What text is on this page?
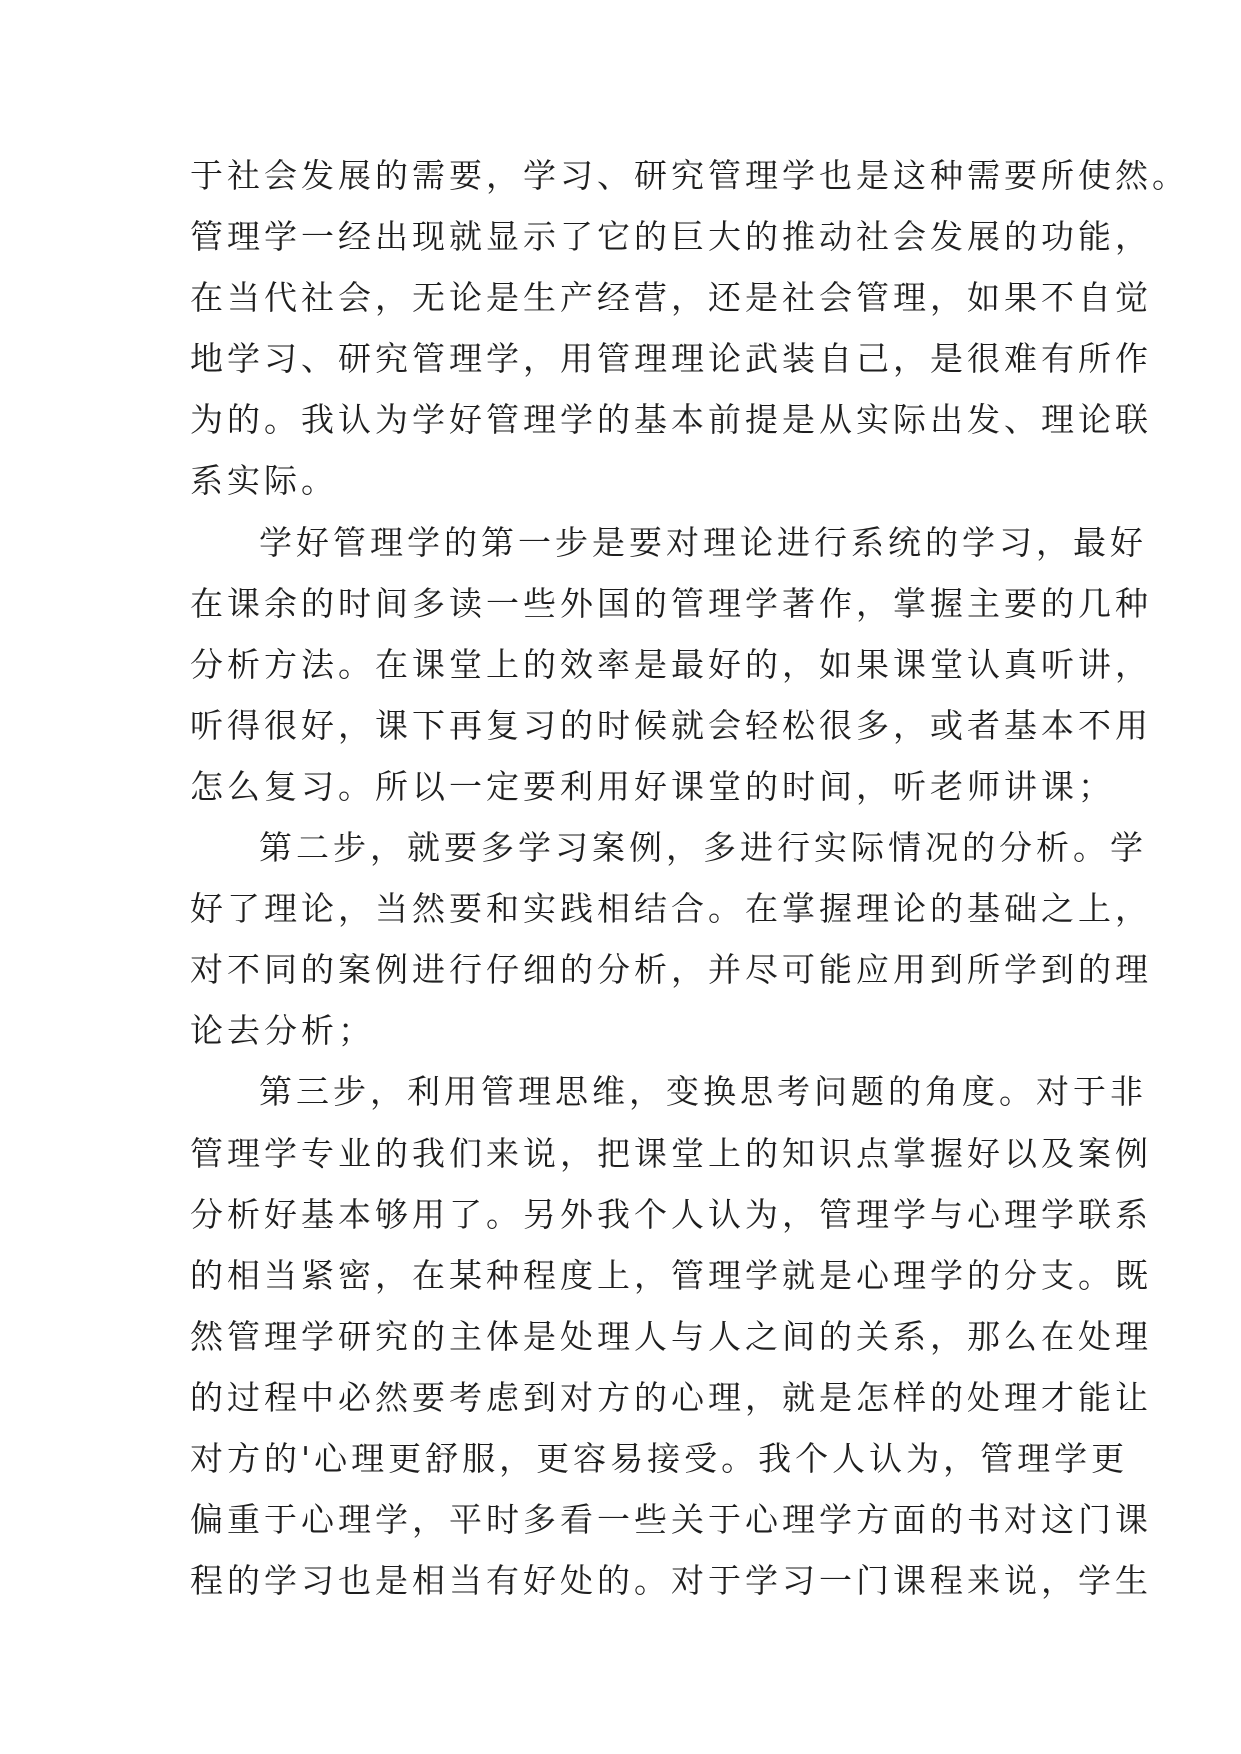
于社会发展的需要，学习、研究管理学也是这种需要所使然。
管理学一经出现就显示了它的巨大的推动社会发展的功能，
在当代社会，无论是生产经营，还是社会管理，如果不自觉
地学习、研究管理学，用管理理论武装自己，是很难有所作
为的。我认为学好管理学的基本前提是从实际出发、理论联
系实际。
学好管理学的第一步是要对理论进行系统的学习，最好
在课余的时间多读一些外国的管理学著作，掌握主要的几种
分析方法。在课堂上的效率是最好的，如果课堂认真听讲，
听得很好，课下再复习的时候就会轻松很多，或者基本不用
怎么复习。所以一定要利用好课堂的时间，听老师讲课；
第二步，就要多学习案例，多进行实际情况的分析。学
好了理论，当然要和实践相结合。在掌握理论的基础之上，
对不同的案例进行仔细的分析，并尽可能应用到所学到的理
论去分析；
第三步，利用管理思维，变换思考问题的角度。对于非
管理学专业的我们来说，把课堂上的知识点掌握好以及案例
分析好基本够用了。另外我个人认为，管理学与心理学联系
的相当紧密，在某种程度上，管理学就是心理学的分支。既
然管理学研究的主体是处理人与人之间的关系，那么在处理
的过程中必然要考虑到对方的心理，就是怎样的处理才能让
对方的'心理更舒服，更容易接受。我个人认为，管理学更
偏重于心理学，平时多看一些关于心理学方面的书对这门课
程的学习也是相当有好处的。对于学习一门课程来说，学生
